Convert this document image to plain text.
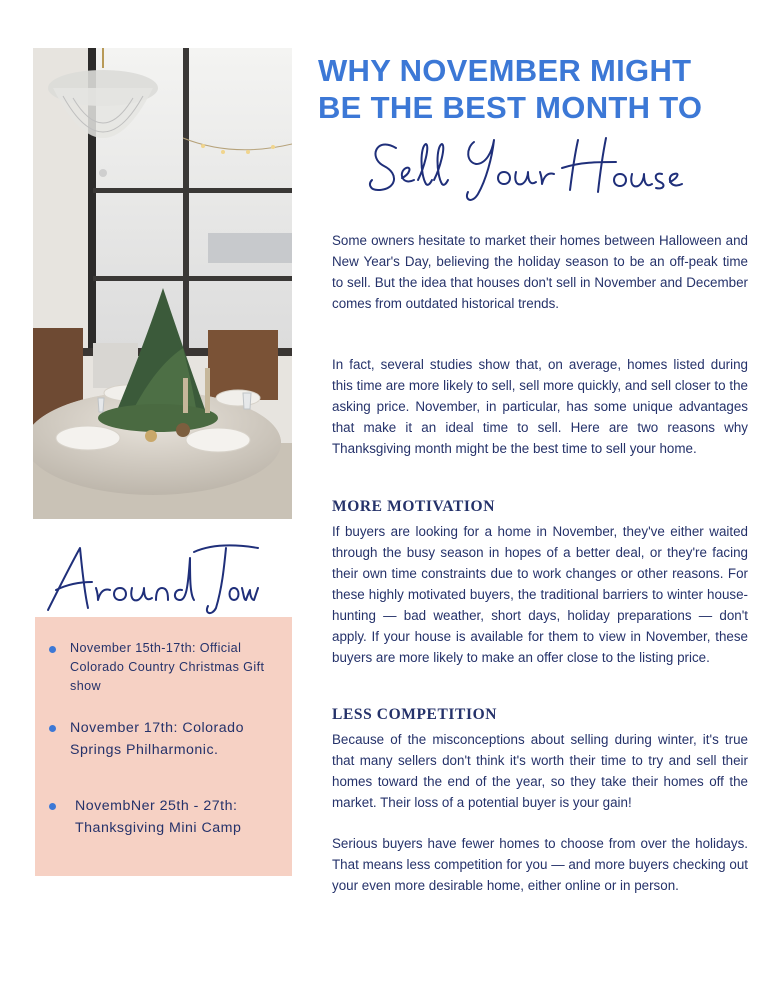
WHY NOVEMBER MIGHT
BE THE BEST MONTH TO
Some owners hesitate to market their homes between Halloween and New Year's Day, believing the holiday season to be an off-peak time to sell. But the idea that houses don't sell in November and December comes from outdated historical trends.
In fact, several studies show that, on average, homes listed during this time are more likely to sell, sell more quickly, and sell closer to the asking price. November, in particular, has some unique advantages that make it an ideal time to sell. Here are two reasons why Thanksgiving month might be the best time to sell your home.
MORE MOTIVATION
If buyers are looking for a home in November, they've either waited through the busy season in hopes of a better deal, or they're facing their own time constraints due to work changes or other reasons. For these highly motivated buyers, the traditional barriers to winter house-hunting — bad weather, short days, holiday preparations — don't apply. If your house is available for them to view in November, these buyers are more likely to make an offer close to the listing price.
LESS COMPETITION
Because of the misconceptions about selling during winter, it's true that many sellers don't think it's worth their time to try and sell their homes toward the end of the year, so they take their homes off the market. Their loss of a potential buyer is your gain!
Serious buyers have fewer homes to choose from over the holidays. That means less competition for you — and more buyers checking out your even more desirable home, either online or in person.
November 15th-17th: Official Colorado Country Christmas Gift show
November 17th: Colorado Springs Philharmonic.
NovembNer 25th - 27th: Thanksgiving Mini Camp
